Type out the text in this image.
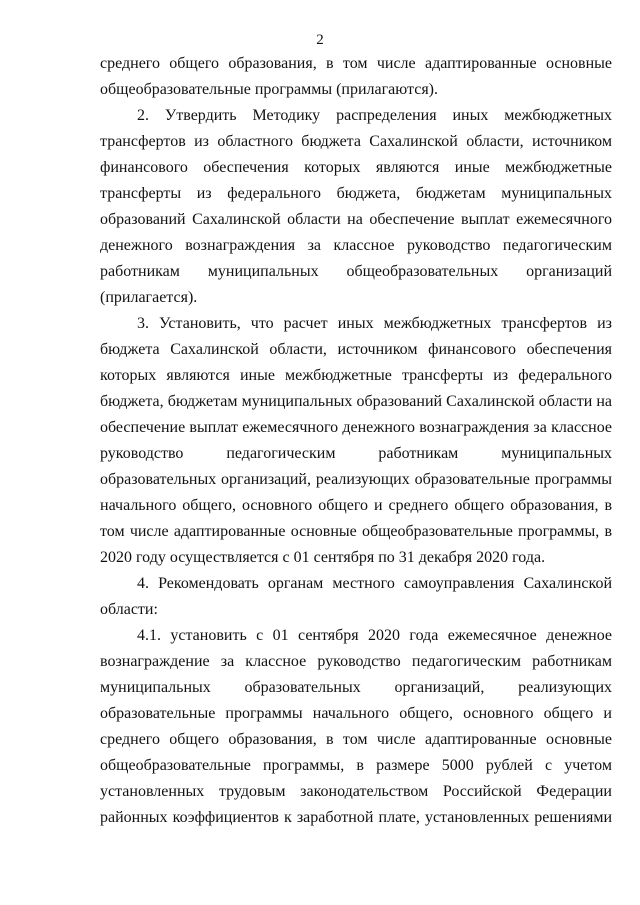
2

среднего общего образования, в том числе адаптированные основные общеобразовательные программы (прилагаются).

2. Утвердить Методику распределения иных межбюджетных трансфертов из областного бюджета Сахалинской области, источником финансового обеспечения которых являются иные межбюджетные трансферты из федерального бюджета, бюджетам муниципальных образований Сахалинской области на обеспечение выплат ежемесячного денежного вознаграждения за классное руководство педагогическим работникам муниципальных общеобразовательных организаций (прилагается).

3. Установить, что расчет иных межбюджетных трансфертов из бюджета Сахалинской области, источником финансового обеспечения которых являются иные межбюджетные трансферты из федерального бюджета, бюджетам муниципальных образований Сахалинской области на обеспечение выплат ежемесячного денежного вознаграждения за классное руководство педагогическим работникам муниципальных образовательных организаций, реализующих образовательные программы начального общего, основного общего и среднего общего образования, в том числе адаптированные основные общеобразовательные программы, в 2020 году осуществляется с 01 сентября по 31 декабря 2020 года.

4. Рекомендовать органам местного самоуправления Сахалинской области:

4.1. установить с 01 сентября 2020 года ежемесячное денежное вознаграждение за классное руководство педагогическим работникам муниципальных образовательных организаций, реализующих образовательные программы начального общего, основного общего и среднего общего образования, в том числе адаптированные основные общеобразовательные программы, в размере 5000 рублей с учетом установленных трудовым законодательством Российской Федерации районных коэффициентов к заработной плате, установленных решениями
